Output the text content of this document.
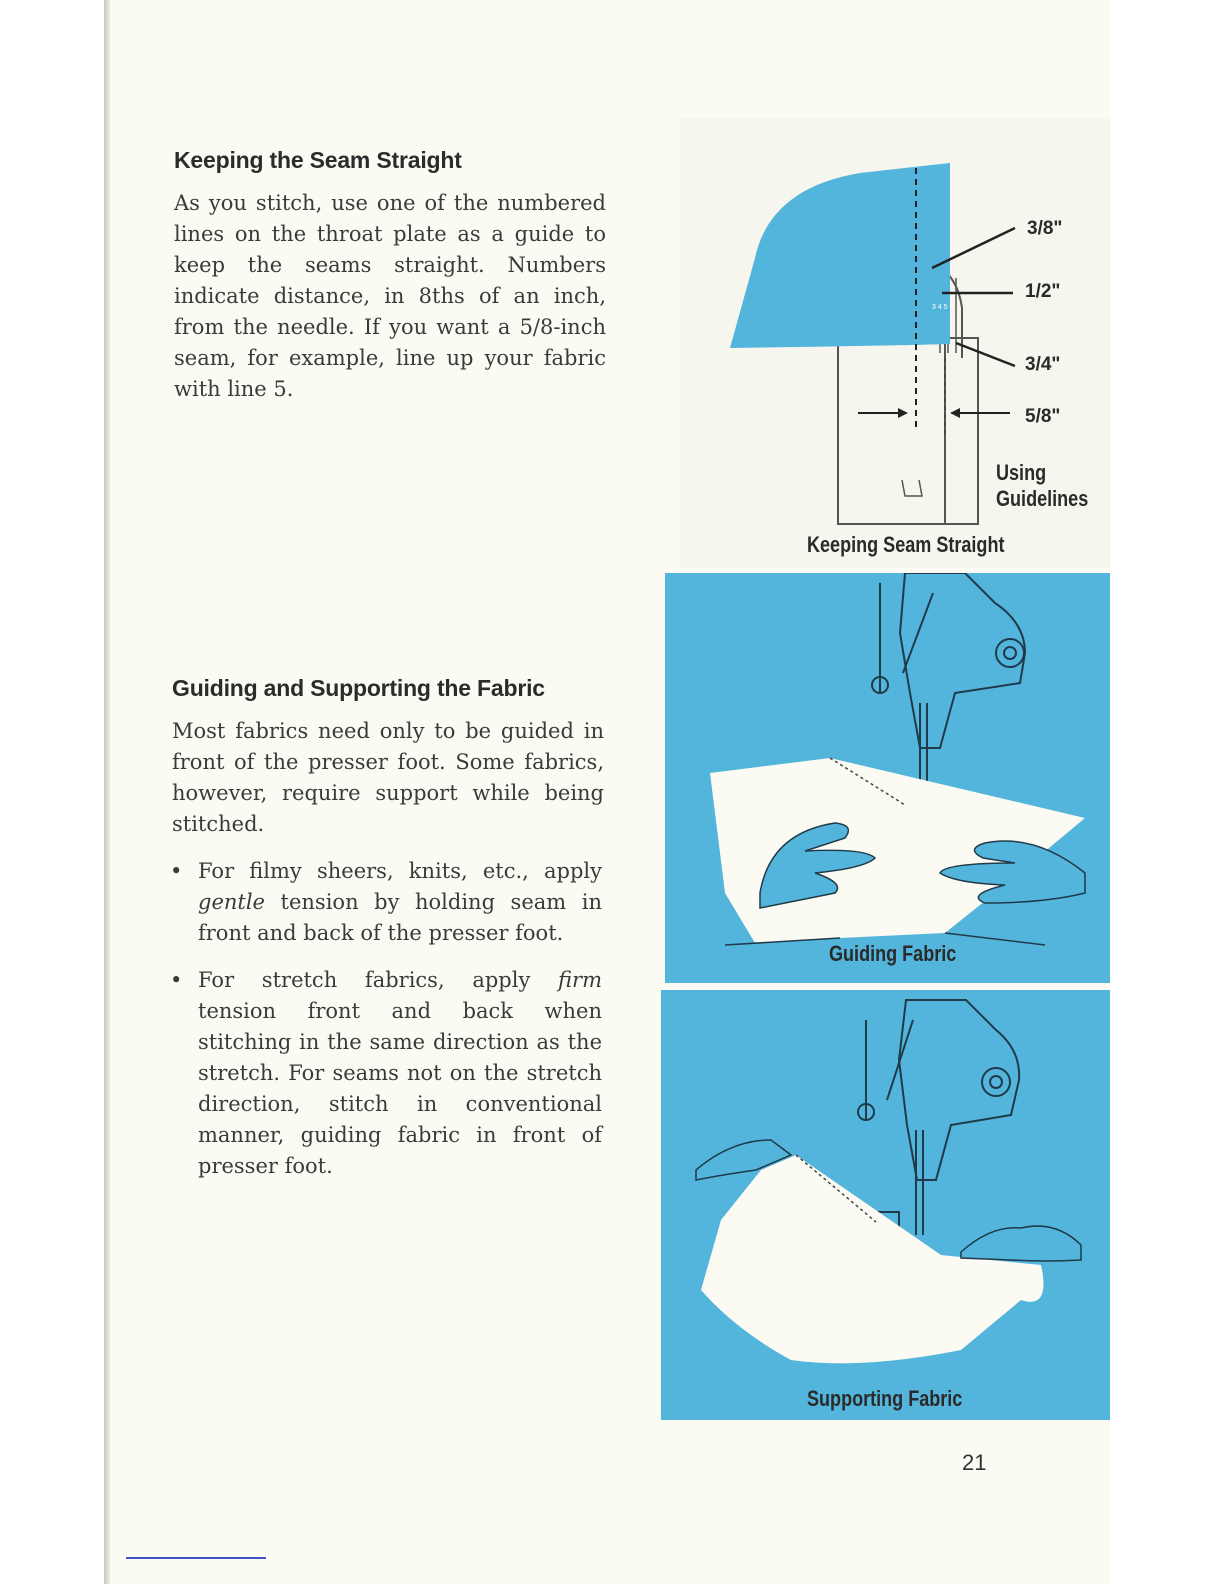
Keeping the Seam Straight

As you stitch, use one of the numbered lines on the throat plate as a guide to keep the seams straight. Numbers indicate distance, in 8ths of an inch, from the needle. If you want a 5/8-inch seam, for example, line up your fabric with line 5.

Guiding and Supporting the Fabric

Most fabrics need only to be guided in front of the presser foot. Some fabrics, however, require support while being stitched.

• For filmy sheers, knits, etc., apply gentle tension by holding seam in front and back of the presser foot.
• For stretch fabrics, apply firm tension front and back when stitching in the same direction as the stretch. For seams not on the stretch direction, stitch in conventional manner, guiding fabric in front of presser foot.
3/8"
1/2"
3/4"
5/8"
3 4 5 6
Using
Guidelines
Keeping Seam Straight
Guiding Fabric
Supporting Fabric
21
